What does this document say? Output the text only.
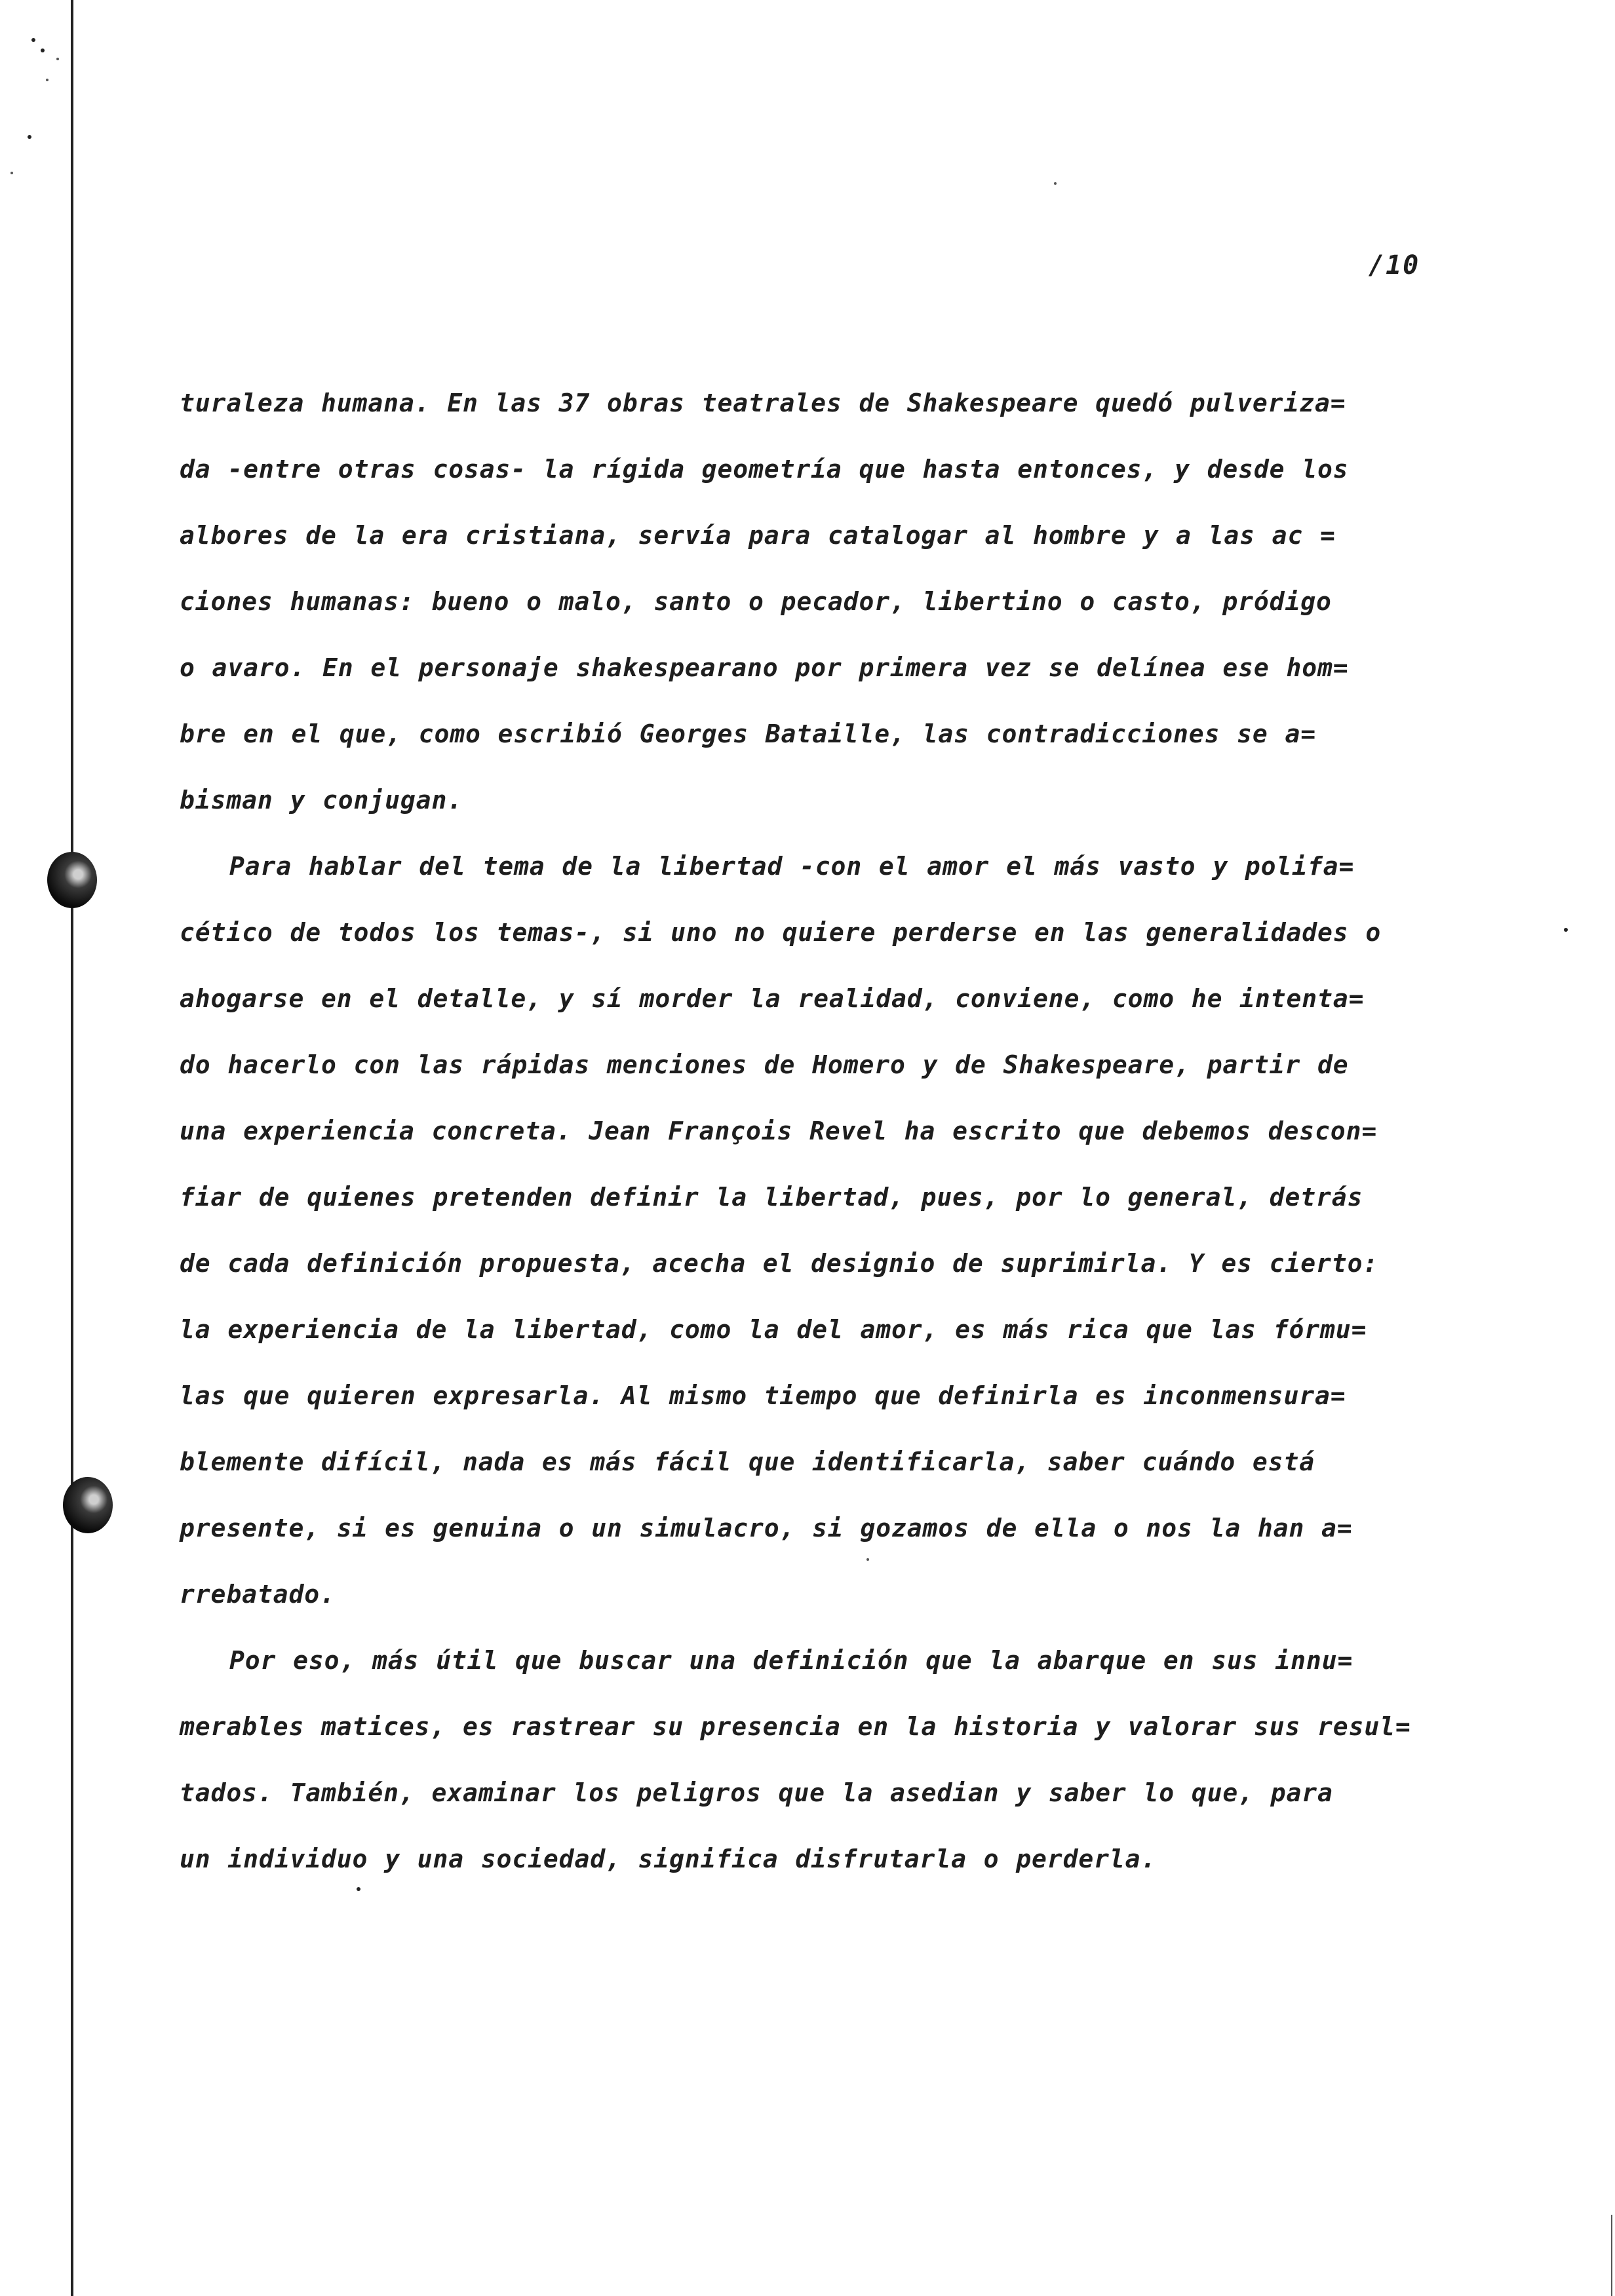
/10
turaleza humana. En las 37 obras teatrales de Shakespeare quedó pulveriza=
da -entre otras cosas- la rígida geometría que hasta entonces, y desde los
albores de la era cristiana, servía para catalogar al hombre y a las ac =
ciones humanas: bueno o malo, santo o pecador, libertino o casto, pródigo
o avaro. En el personaje shakespearano por primera vez se delínea ese hom=
bre en el que, como escribió Georges Bataille, las contradicciones se a=
bisman y conjugan.
Para hablar del tema de la libertad -con el amor el más vasto y polifa=
cético de todos los temas-, si uno no quiere perderse en las generalidades o
ahogarse en el detalle, y sí morder la realidad, conviene, como he intenta=
do hacerlo con las rápidas menciones de Homero y de Shakespeare, partir de
una experiencia concreta. Jean François Revel ha escrito que debemos descon=
fiar de quienes pretenden definir la libertad, pues, por lo general, detrás
de cada definición propuesta, acecha el designio de suprimirla. Y es cierto:
la experiencia de la libertad, como la del amor, es más rica que las fórmu=
las que quieren expresarla. Al mismo tiempo que definirla es inconmensura=
blemente difícil, nada es más fácil que identificarla, saber cuándo está
presente, si es genuina o un simulacro, si gozamos de ella o nos la han a=
rrebatado.
Por eso, más útil que buscar una definición que la abarque en sus innu=
merables matices, es rastrear su presencia en la historia y valorar sus resul=
tados. También, examinar los peligros que la asedian y saber lo que, para
un individuo y una sociedad, significa disfrutarla o perderla.
